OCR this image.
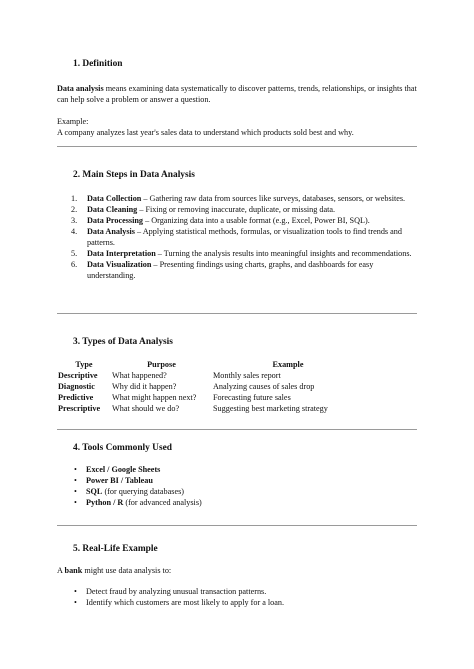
1. Definition

Data analysis means examining data systematically to discover patterns, trends, relationships, or insights that can help solve a problem or answer a question.

Example:

A company analyzes last year's sales data to understand which products sold best and why.

2. Main Steps in Data Analysis
1. Data Collection – Gathering raw data from sources like surveys, databases, sensors, or websites.
2. Data Cleaning – Fixing or removing inaccurate, duplicate, or missing data.
3. Data Processing – Organizing data into a usable format (e.g., Excel, Power BI, SQL).
4. Data Analysis – Applying statistical methods, formulas, or visualization tools to find trends and patterns.
5. Data Interpretation – Turning the analysis results into meaningful insights and recommendations.
6. Data Visualization – Presenting findings using charts, graphs, and dashboards for easy understanding.
3. Types of Data Analysis
Type	Purpose	Example
Descriptive	What happened?	Monthly sales report
Diagnostic	Why did it happen?	Analyzing causes of sales drop
Predictive	What might happen next?	Forecasting future sales
Prescriptive	What should we do?	Suggesting best marketing strategy
4. Tools Commonly Used
• Excel / Google Sheets
• Power BI / Tableau
• SQL (for querying databases)
• Python / R (for advanced analysis)
5. Real-Life Example

A bank might use data analysis to:

• Detect fraud by analyzing unusual transaction patterns.
• Identify which customers are most likely to apply for a loan.
